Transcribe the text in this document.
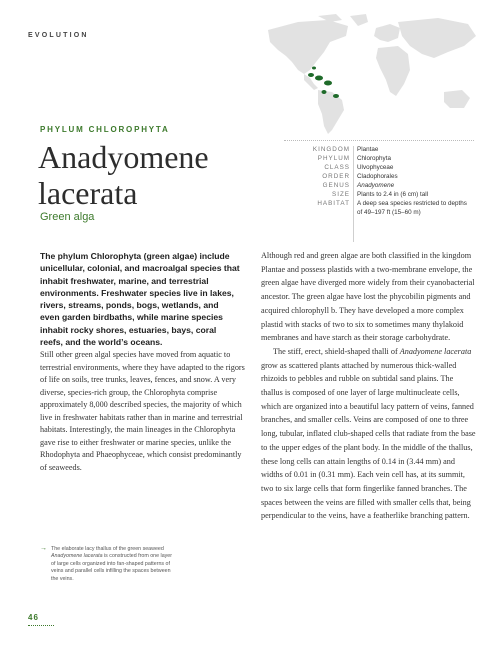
EVOLUTION
PHYLUM CHLOROPHYTA
Anadyomene
lacerata
Green alga
KINGDOM Plantae
PHYLUM Chlorophyta
CLASS Ulvophyceae
ORDER Cladophorales
GENUS Anadyomene
SIZE Plants to 2.4 in (6 cm) tall
HABITAT A deep sea species restricted to depths of 49–197 ft (15–60 m)
The phylum Chlorophyta (green algae) include unicellular, colonial, and macroalgal species that inhabit freshwater, marine, and terrestrial environments. Freshwater species live in lakes, rivers, streams, ponds, bogs, wetlands, and even garden birdbaths, while marine species inhabit rocky shores, estuaries, bays, coral reefs, and the world’s oceans.

Still other green algal species have moved from aquatic to terrestrial environments, where they have adapted to the rigors of life on soils, tree trunks, leaves, fences, and snow. A very diverse, species-rich group, the Chlorophyta comprise approximately 8,000 described species, the majority of which live in freshwater habitats rather than in marine and terrestrial habitats. Interestingly, the main lineages in the Chlorophyta gave rise to either freshwater or marine species, unlike the Rhodophyta and Phaeophyceae, which consist predominantly of seaweeds.

Although red and green algae are both classified in the kingdom Plantae and possess plastids with a two-membrane envelope, the green algae have diverged more widely from their cyanobacterial ancestor. The green algae have lost the phycobilin pigments and acquired chlorophyll b. They have developed a more complex plastid with stacks of two to six to sometimes many thylakoid membranes and have starch as their storage carbohydrate.

The stiff, erect, shield-shaped thalli of Anadyomene lacerata grow as scattered plants attached by numerous thick-walled rhizoids to pebbles and rubble on subtidal sand plains. The thallus is composed of one layer of large multinucleate cells, which are organized into a beautiful lacy pattern of veins, fanned branches, and smaller cells. Veins are composed of one to three long, tubular, inflated club-shaped cells that radiate from the base to the upper edges of the plant body. In the middle of the thallus, these long cells can attain lengths of 0.14 in (3.44 mm) and widths of 0.01 in (0.31 mm). Each vein cell has, at its summit, two to six large cells that form fingerlike fanned branches. The spaces between the veins are filled with smaller cells that, being perpendicular to the veins, have a featherlike branching pattern.

→ The elaborate lacy thallus of the green seaweed Anadyomene lacerata is constructed from one layer of large cells organized into fan-shaped patterns of veins and parallel cells infilling the spaces between the veins.
46
